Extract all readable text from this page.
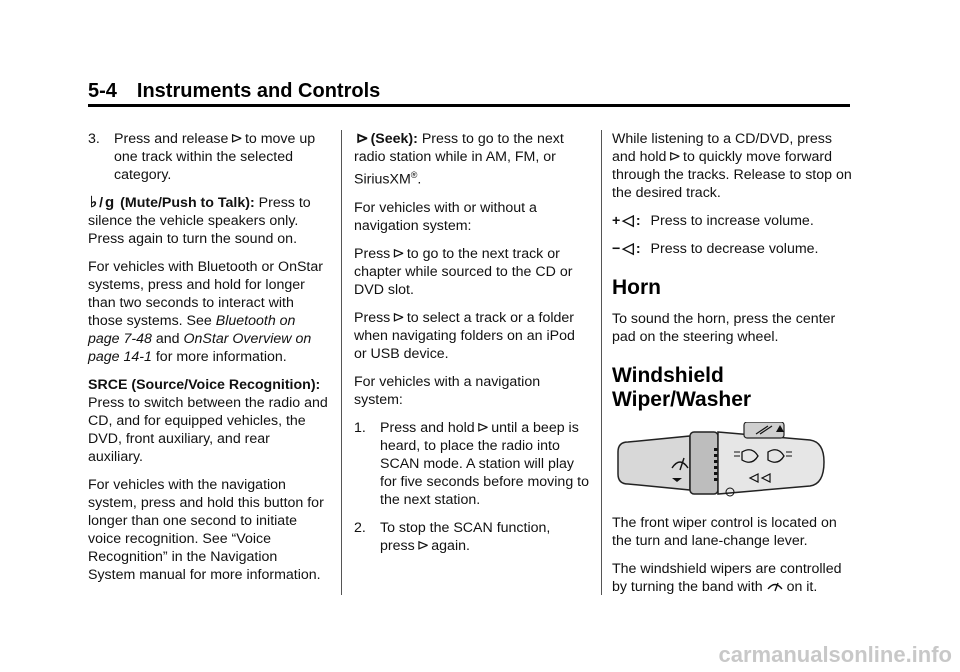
5-4 Instruments and Controls
3. Press and release ⊳ to move up one track within the selected category.

♭ / ɡ (Mute/Push to Talk): Press to silence the vehicle speakers only. Press again to turn the sound on.

For vehicles with Bluetooth or OnStar systems, press and hold for longer than two seconds to interact with those systems. See Bluetooth on page 7-48 and OnStar Overview on page 14-1 for more information.

SRCE (Source/Voice Recognition): Press to switch between the radio and CD, and for equipped vehicles, the DVD, front auxiliary, and rear auxiliary.

For vehicles with the navigation system, press and hold this button for longer than one second to initiate voice recognition. See “Voice Recognition” in the Navigation System manual for more information.

⊳ (Seek): Press to go to the next radio station while in AM, FM, or SiriusXM®.

For vehicles with or without a navigation system:

Press ⊳ to go to the next track or chapter while sourced to the CD or DVD slot.

Press ⊳ to select a track or a folder when navigating folders on an iPod or USB device.

For vehicles with a navigation system:

1. Press and hold ⊳ until a beep is heard, to place the radio into SCAN mode. A station will play for five seconds before moving to the next station.
2. To stop the SCAN function, press ⊳ again.

While listening to a CD/DVD, press and hold ⊳ to quickly move forward through the tracks. Release to stop on the desired track.

+ ◁ : Press to increase volume.

− ◁ : Press to decrease volume.

Horn

To sound the horn, press the center pad on the steering wheel.

Windshield Wiper/Washer

The front wiper control is located on the turn and lane-change lever.

The windshield wipers are controlled by turning the band with on it.

carmanualsonline.info
